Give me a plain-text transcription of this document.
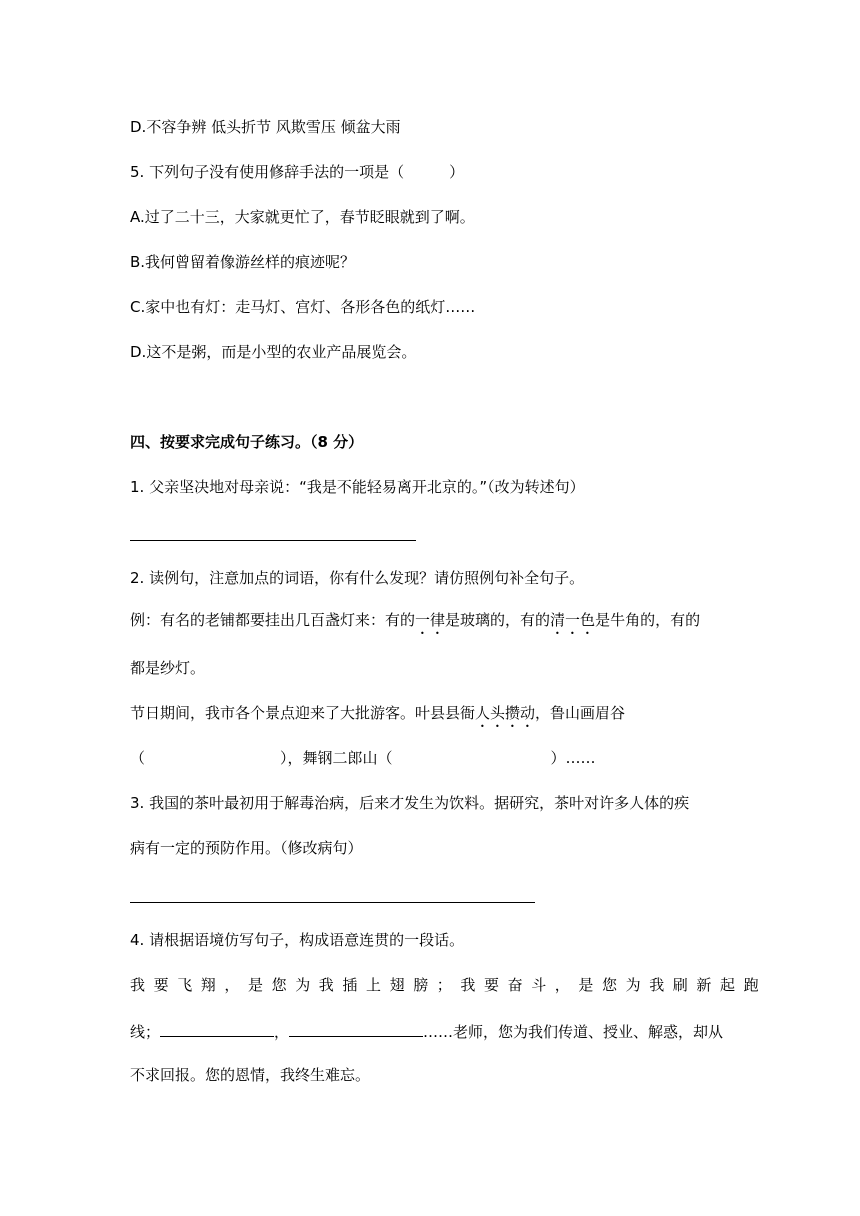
D.不容争辨 低头折节 风欺雪压 倾盆大雨
5. 下列句子没有使用修辞手法的一项是（　　　）
A.过了二十三，大家就更忙了，春节眨眼就到了啊。
B.我何曾留着像游丝样的痕迹呢？
C.家中也有灯：走马灯、宫灯、各形各色的纸灯……
D.这不是粥，而是小型的农业产品展览会。
四、按要求完成句子练习。（8 分）
1. 父亲坚决地对母亲说：“我是不能轻易离开北京的。”（改为转述句）
2. 读例句，注意加点的词语，你有什么发现？请仿照例句补全句子。
例：有名的老铺都要挂出几百盏灯来：有的一律是玻璃的，有的清一色是牛角的，有的
都是纱灯。
节日期间，我市各个景点迎来了大批游客。叶县县衙人头攒动，鲁山画眉谷
（	），舞钢二郎山（	）……
3. 我国的茶叶最初用于解毒治病，后来才发生为饮料。据研究，茶叶对许多人体的疾
病有一定的预防作用。（修改病句）
4. 请根据语境仿写句子，构成语意连贯的一段话。
我要飞翔，是您为我插上翅膀；我要奋斗，是您为我刷新起跑
线；	，	……老师，您为我们传道、授业、解惑，却从
不求回报。您的恩情，我终生难忘。
